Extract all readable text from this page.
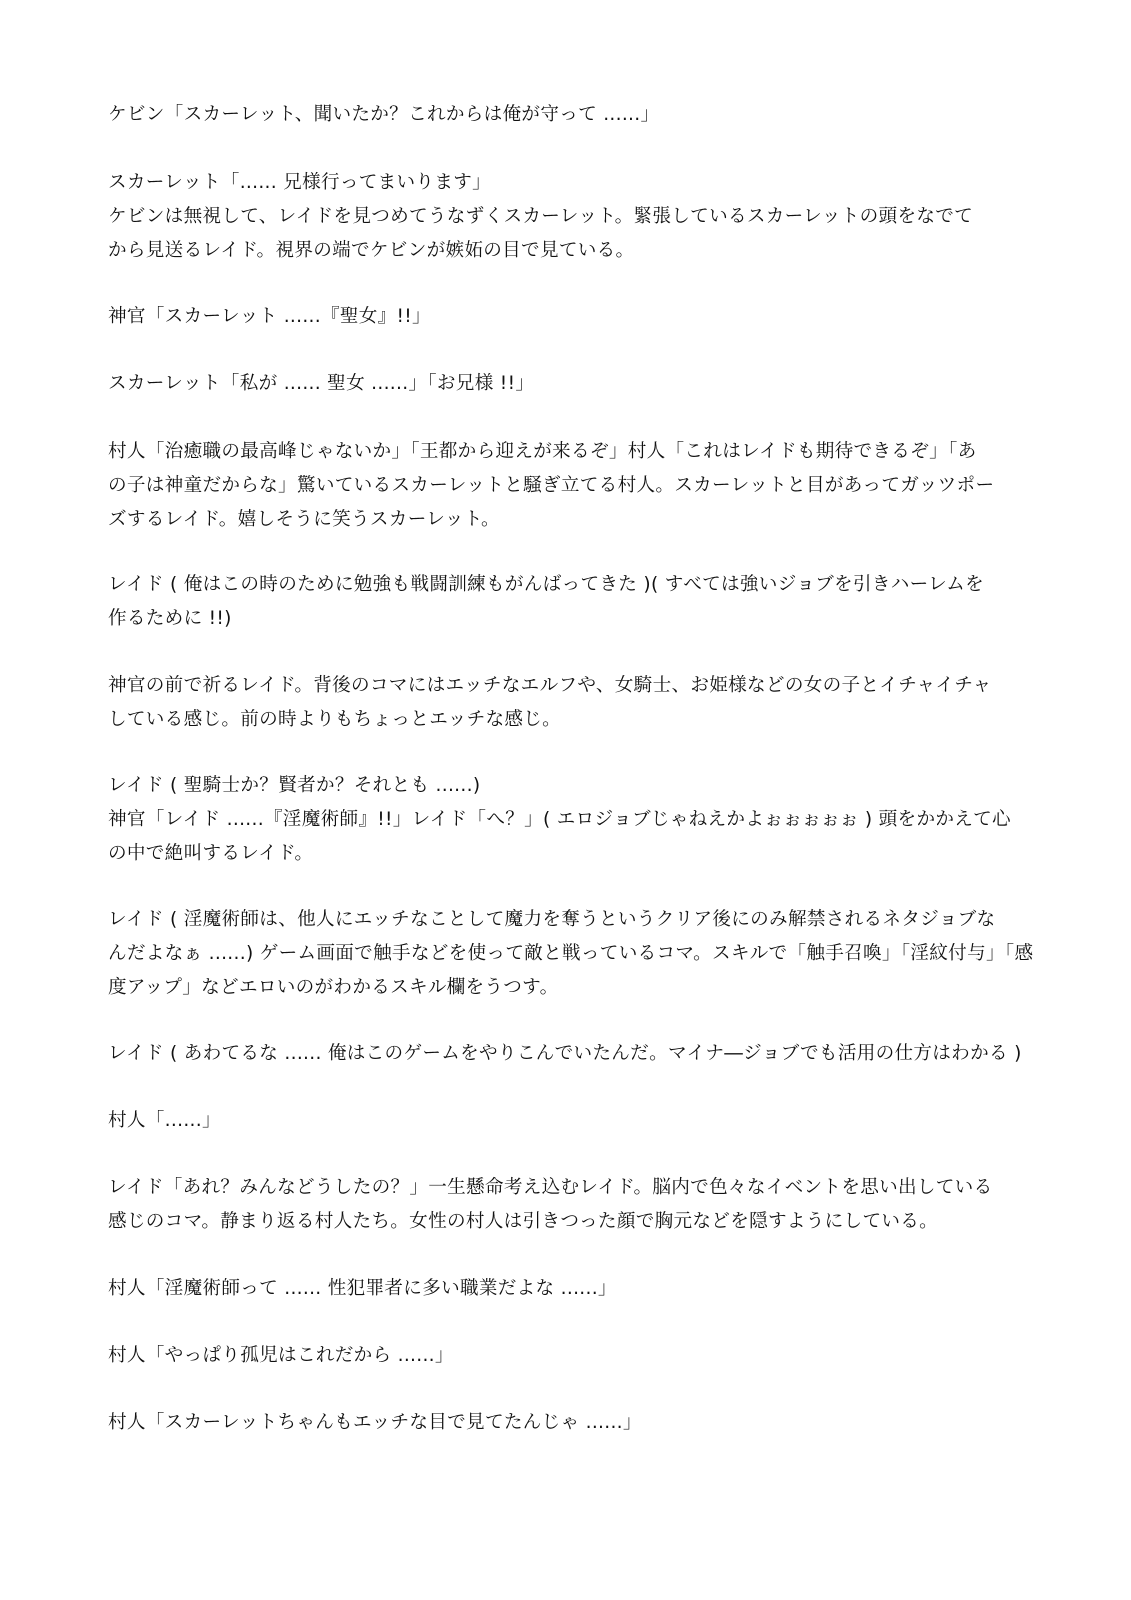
ケビン「スカーレット、聞いたか？これからは俺が守って ......」
スカーレット「...... 兄様行ってまいります」
ケビンは無視して、レイドを見つめてうなずくスカーレット。緊張しているスカーレットの頭をなでて
から見送るレイド。視界の端でケビンが嫉妬の目で見ている。
神官「スカーレット ......『聖女』!!」
スカーレット「私が ...... 聖女 ......」「お兄様 !!」
村人「治癒職の最高峰じゃないか」「王都から迎えが来るぞ」村人「これはレイドも期待できるぞ」「あ
の子は神童だからな」驚いているスカーレットと騒ぎ立てる村人。スカーレットと目があってガッツポー
ズするレイド。嬉しそうに笑うスカーレット。
レイド ( 俺はこの時のために勉強も戦闘訓練もがんばってきた )( すべては強いジョブを引きハーレムを
作るために !!)
神官の前で祈るレイド。背後のコマにはエッチなエルフや、女騎士、お姫様などの女の子とイチャイチャ
している感じ。前の時よりもちょっとエッチな感じ。
レイド ( 聖騎士か？賢者か？それとも ......)
神官「レイド ......『淫魔術師』!!」レイド「へ？」( エロジョブじゃねえかよぉぉぉぉぉ ) 頭をかかえて心
の中で絶叫するレイド。
レイド ( 淫魔術師は、他人にエッチなことして魔力を奪うというクリア後にのみ解禁されるネタジョブな
んだよなぁ ......) ゲーム画面で触手などを使って敵と戦っているコマ。スキルで「触手召喚」「淫紋付与」「感
度アップ」などエロいのがわかるスキル欄をうつす。
レイド ( あわてるな ...... 俺はこのゲームをやりこんでいたんだ。マイナ―ジョブでも活用の仕方はわかる )
村人「......」
レイド「あれ？みんなどうしたの？」一生懸命考え込むレイド。脳内で色々なイベントを思い出している
感じのコマ。静まり返る村人たち。女性の村人は引きつった顔で胸元などを隠すようにしている。
村人「淫魔術師って ...... 性犯罪者に多い職業だよな ......」
村人「やっぱり孤児はこれだから ......」
村人「スカーレットちゃんもエッチな目で見てたんじゃ ......」
